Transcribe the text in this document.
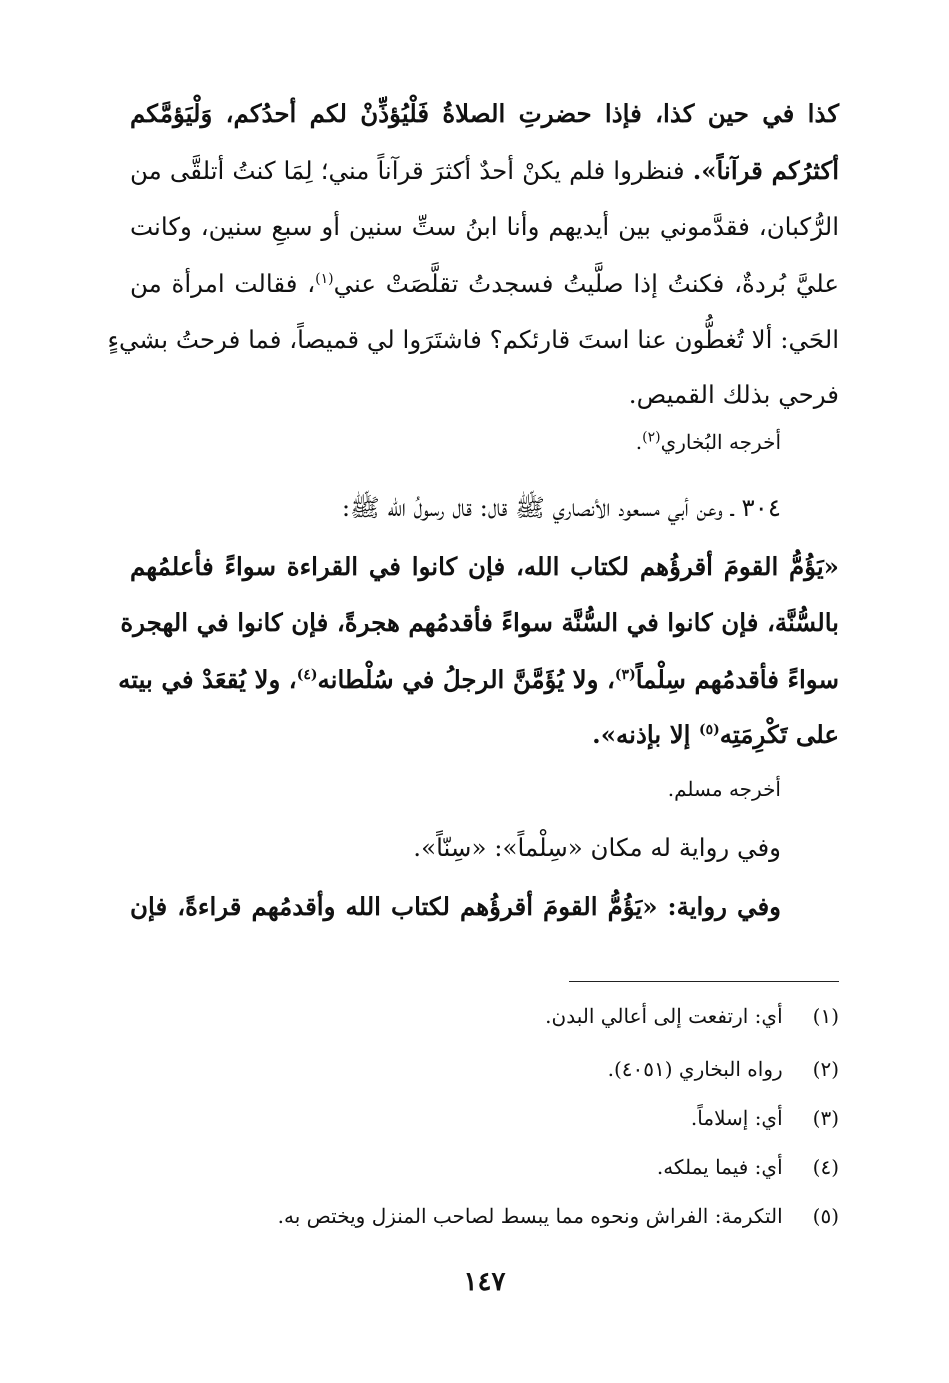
كذا في حين كذا، فإذا حضرتِ الصلاةُ فَلْيُؤذِّنْ لكم أحدُكم، وَلْيَؤمَّكم
أكثرُكم قرآناً». فنظروا فلم يكنْ أحدٌ أكثرَ قرآناً مني؛ لِمَا كنتُ أتلقَّى من
الرُّكبان، فقدَّموني بين أيديهم وأنا ابنُ ستِّ سنين أو سبعِ سنين، وكانت
عليَّ بُردةٌ، فكنتُ إذا صلَّيتُ فسجدتُ تقلَّصَتْ عني$^{(١)}$، فقالت امرأة من
الحَي: ألا تُغطُّون عنا استَ قارئكم؟ فاشتَرَوا لي قميصاً، فما فرحتُ بشيءٍ
فرحي بذلك القميص.
أخرجه البُخاري$^{(٢)}$.
٣٠٤ ـ وعن أبي مسعود الأنصاري ﷺ قال: قال رسولُ الله ﷺ:
«يَؤُمُّ القومَ أقرؤُهم لكتاب الله، فإن كانوا في القراءة سواءً فأعلمُهم
بالسُّنَّة، فإن كانوا في السُّنَّة سواءً فأقدمُهم هجرةً، فإن كانوا في الهجرة
سواءً فأقدمُهم سِلْماً$^{(٣)}$، ولا يُؤَمَّنَّ الرجلُ في سُلْطانه$^{(٤)}$، ولا يُقعَدْ في بيته
على تَكْرِمَتِه$^{(٥)}$ إلا بإذنه».
أخرجه مسلم.
وفي رواية له مكان «سِلْماً»: «سِنّاً».
وفي رواية: «يَؤُمُّ القومَ أقرؤُهم لكتاب الله وأقدمُهم قراءةً، فإن
(١) أي: ارتفعت إلى أعالي البدن.
(٢) رواه البخاري (٤٠٥١).
(٣) أي: إسلاماً.
(٤) أي: فيما يملكه.
(٥) التكرمة: الفراش ونحوه مما يبسط لصاحب المنزل ويختص به.
١٤٧
